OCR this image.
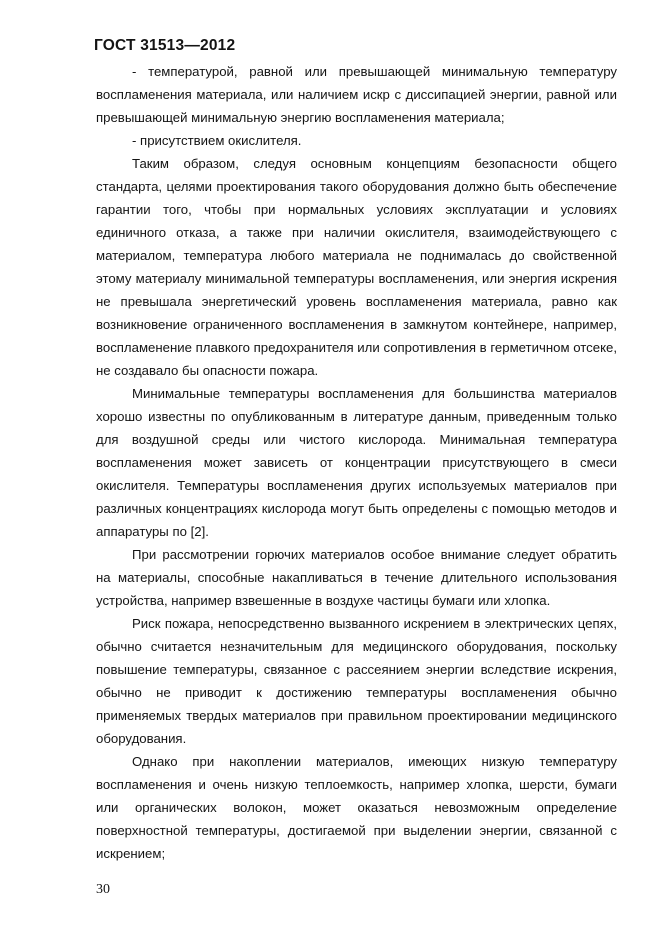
ГОСТ 31513—2012

- температурой, равной или превышающей минимальную температуру воспламенения материала, или наличием искр с диссипацией энергии, равной или превышающей минимальную энергию воспламенения материала;

- присутствием окислителя.

Таким образом, следуя основным концепциям безопасности общего стандарта, целями проектирования такого оборудования должно быть обеспечение гарантии того, чтобы при нормальных условиях эксплуатации и условиях единичного отказа, а также при наличии окислителя, взаимодействующего с материалом, температура любого материала не поднималась до свойственной этому материалу минимальной температуры воспламенения, или энергия искрения не превышала энергетический уровень воспламенения материала, равно как возникновение ограниченного воспламенения в замкнутом контейнере, например, воспламенение плавкого предохранителя или сопротивления в герметичном отсеке, не создавало бы опасности пожара.

Минимальные температуры воспламенения для большинства материалов хорошо известны по опубликованным в литературе данным, приведенным только для воздушной среды или чистого кислорода. Минимальная температура воспламенения может зависеть от концентрации присутствующего в смеси окислителя. Температуры воспламенения других используемых материалов при различных концентрациях кислорода могут быть определены с помощью методов и аппаратуры по [2].

При рассмотрении горючих материалов особое внимание следует обратить на материалы, способные накапливаться в течение длительного использования устройства, например взвешенные в воздухе частицы бумаги или хлопка.

Риск пожара, непосредственно вызванного искрением в электрических цепях, обычно считается незначительным для медицинского оборудования, поскольку повышение температуры, связанное с рассеянием энергии вследствие искрения, обычно не приводит к достижению температуры воспламенения обычно применяемых твердых материалов при правильном проектировании медицинского оборудования.

Однако при накоплении материалов, имеющих низкую температуру воспламенения и очень низкую теплоемкость, например хлопка, шерсти, бумаги или органических волокон, может оказаться невозможным определение поверхностной температуры, достигаемой при выделении энергии, связанной с искрением;

30
